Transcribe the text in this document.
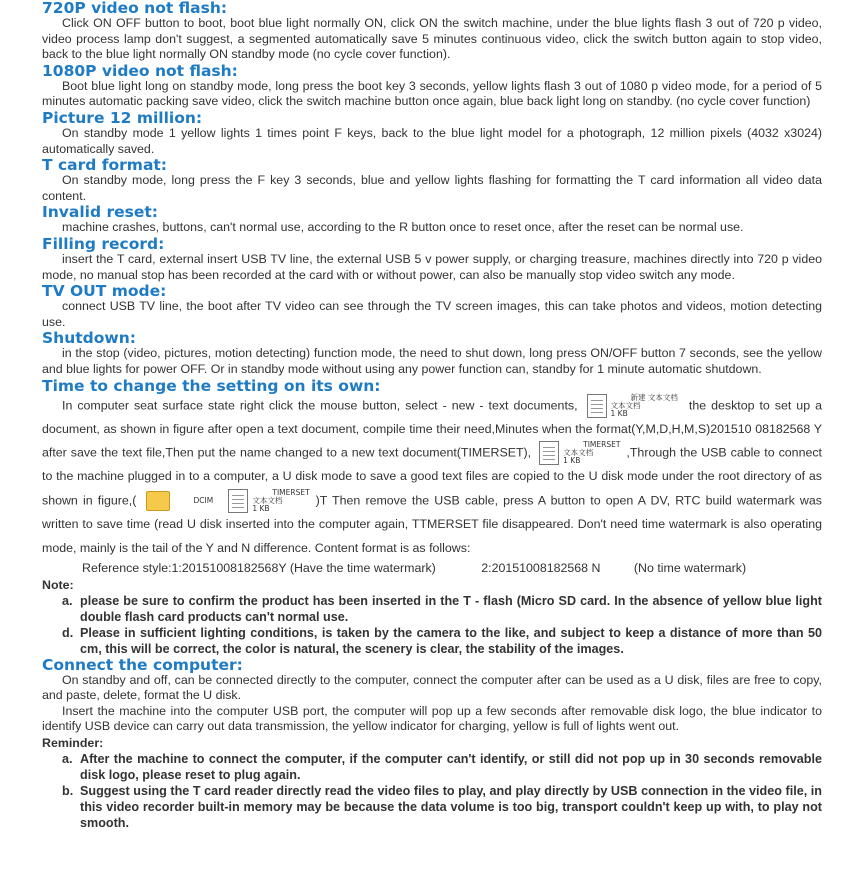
720P video not flash:

Click ON OFF button to boot, boot blue light normally ON, click ON the switch machine, under the blue lights flash 3 out of 720 p video, video process lamp don't suggest, a segmented automatically save 5 minutes continuous video, click the switch button again to stop video, back to the blue light normally ON standby mode (no cycle cover function).

1080P video not flash:

Boot blue light long on standby mode, long press the boot key 3 seconds, yellow lights flash 3 out of 1080 p video mode, for a period of 5 minutes automatic packing save video, click the switch machine button once again, blue back light long on standby. (no cycle cover function)

Picture 12 million:

On standby mode 1 yellow lights 1 times point F keys, back to the blue light model for a photograph, 12 million pixels (4032 x3024) automatically saved.

T card format:

On standby mode, long press the F key 3 seconds, blue and yellow lights flashing for formatting the T card information all video data content.

Invalid reset:

machine crashes, buttons, can't normal use, according to the R button once to reset once, after the reset can be normal use.

Filling record:

insert the T card, external insert USB TV line, the external USB 5 v power supply, or charging treasure, machines directly into 720 p video mode, no manual stop has been recorded at the card with or without power, can also be manually stop video switch any mode.

TV OUT mode:

connect USB TV line, the boot after TV video can see through the TV screen images, this can take photos and videos, motion detecting use.

Shutdown:

in the stop (video, pictures, motion detecting) function mode, the need to shut down, long press ON/OFF button 7 seconds, see the yellow and blue lights for power OFF. Or in standby mode without using any power function can, standby for 1 minute automatic shutdown.

Time to change the setting on its own:

In computer seat surface state right click the mouse button, select - new - text documents,
新建 文本文档
文本文档
1 KB the desktop to set up a document, as shown in figure after open a text document, compile time their need,Minutes when the format(Y,M,D,H,M,S)201510 08182568 Y after save the text file,Then put the name changed to a new text document(TIMERSET),
TIMERSET
文本文档
1 KB,Through the USB cable to connect to the machine plugged in to a computer, a U disk mode to save a good text files are copied to the U disk mode under the root directory of as shown in figure,(	DCIM
TIMERSET
文本文档
1 KB)T Then remove the USB cable, press A button to open A DV, RTC build watermark was written to save time (read U disk inserted into the computer again, TTMERSET file disappeared. Don't need time watermark is also operating mode, mainly is the tail of the Y and N difference. Content format is as follows:

Reference style:1:20151008182568Y (Have the time watermark)	2:20151008182568 N	(No time watermark)

Note:
a. please be sure to confirm the product has been inserted in the T - flash (Micro SD card. In the absence of yellow blue light double flash card products can't normal use.
d. Please in sufficient lighting conditions, is taken by the camera to the like, and subject to keep a distance of more than 50 cm, this will be correct, the color is natural, the scenery is clear, the stability of the images.
Connect the computer:

On standby and off, can be connected directly to the computer, connect the computer after can be used as a U disk, files are free to copy, and paste, delete, format the U disk.

Insert the machine into the computer USB port, the computer will pop up a few seconds after removable disk logo, the blue indicator to identify USB device can carry out data transmission, the yellow indicator for charging, yellow is full of lights went out.

Reminder:
a. After the machine to connect the computer, if the computer can't identify, or still did not pop up in 30 seconds removable disk logo, please reset to plug again.
b. Suggest using the T card reader directly read the video files to play, and play directly by USB connection in the video file, in this video recorder built-in memory may be because the data volume is too big, transport couldn't keep up with, to play not smooth.
